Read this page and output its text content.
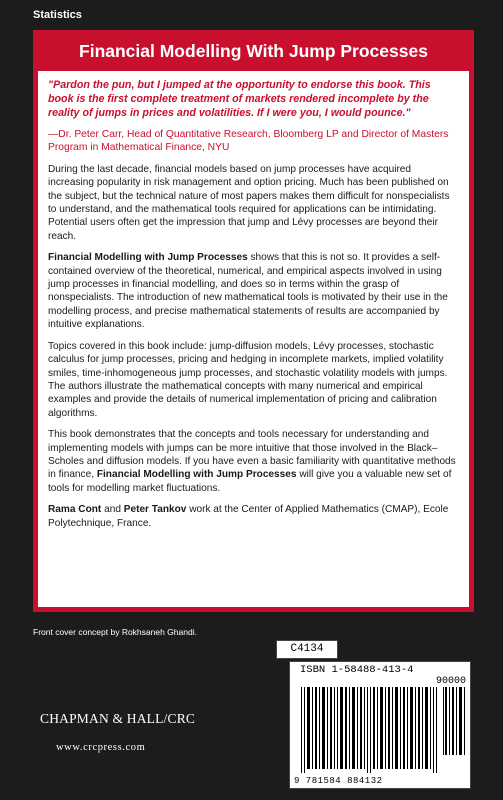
Statistics
Financial Modelling With Jump Processes

"Pardon the pun, but I jumped at the opportunity to endorse this book. This book is the first complete treatment of markets rendered incomplete by the reality of jumps in prices and volatilities. If I were you, I would pounce."

—Dr. Peter Carr, Head of Quantitative Research, Bloomberg LP and Director of Masters Program in Mathematical Finance, NYU

During the last decade, financial models based on jump processes have acquired increasing popularity in risk management and option pricing. Much has been published on the subject, but the technical nature of most papers makes them difficult for nonspecialists to understand, and the mathematical tools required for applications can be intimidating. Potential users often get the impression that jump and Lévy processes are beyond their reach.

Financial Modelling with Jump Processes shows that this is not so. It provides a self-contained overview of the theoretical, numerical, and empirical aspects involved in using jump processes in financial modelling, and does so in terms within the grasp of nonspecialists. The introduction of new mathematical tools is motivated by their use in the modelling process, and precise mathematical statements of results are accompanied by intuitive explanations.

Topics covered in this book include: jump-diffusion models, Lévy processes, stochastic calculus for jump processes, pricing and hedging in incomplete markets, implied volatility smiles, time-inhomogeneous jump processes, and stochastic volatility models with jumps. The authors illustrate the mathematical concepts with many numerical and empirical examples and provide the details of numerical implementation of pricing and calibration algorithms.

This book demonstrates that the concepts and tools necessary for understanding and implementing models with jumps can be more intuitive that those involved in the Black–Scholes and diffusion models. If you have even a basic familiarity with quantitative methods in finance, Financial Modelling with Jump Processes will give you a valuable new set of tools for modelling market fluctuations.

Rama Cont and Peter Tankov work at the Center of Applied Mathematics (CMAP), Ecole Polytechnique, France.

Front cover concept by Rokhsaneh Ghandi.
C4134
ISBN 1-58488-413-4
90000
9 781584 884132
CHAPMAN & HALL/CRC
www.crcpress.com
